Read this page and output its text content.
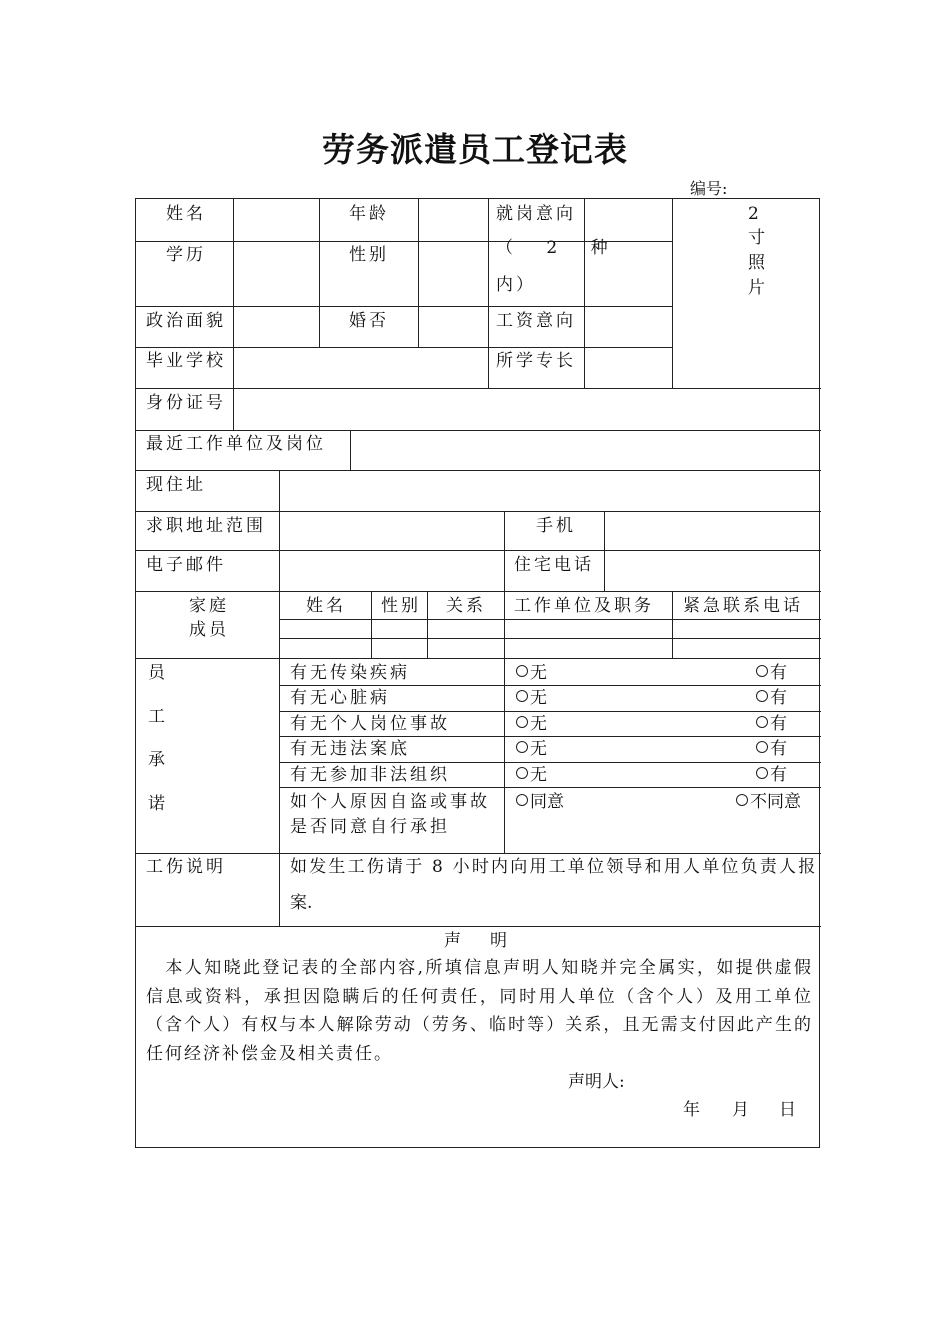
劳务派遣员工登记表
编号:
姓名	年龄	就岗意向
（ 2 种
内）
2
寸
照
片
学历	性别
政治面貌	婚否	工资意向
毕业学校	所学专长
身份证号
最近工作单位及岗位
现住址
求职地址范围	手机
电子邮件	住宅电话
家庭
成员
姓名 性别 关系 工作单位及职务 紧急联系电话
员
工
承
诺
有无传染疾病	无	有
有无心脏病	无	有
有无个人岗位事故	无	有
有无违法案底	无	有
有无参加非法组织	无	有
如个人原因自盗或事故
是否同意自行承担
同意	不同意
工伤说明	如发生工伤请于 8 小时内向用工单位领导和用人单位负责人报
案.
声　明
　本人知晓此登记表的全部内容,所填信息声明人知晓并完全属实，如提供虚假
信息或资料，承担因隐瞒后的任何责任，同时用人单位（含个人）及用工单位
（含个人）有权与本人解除劳动（劳务、临时等）关系，且无需支付因此产生的
任何经济补偿金及相关责任。
声明人:
年 月 日
